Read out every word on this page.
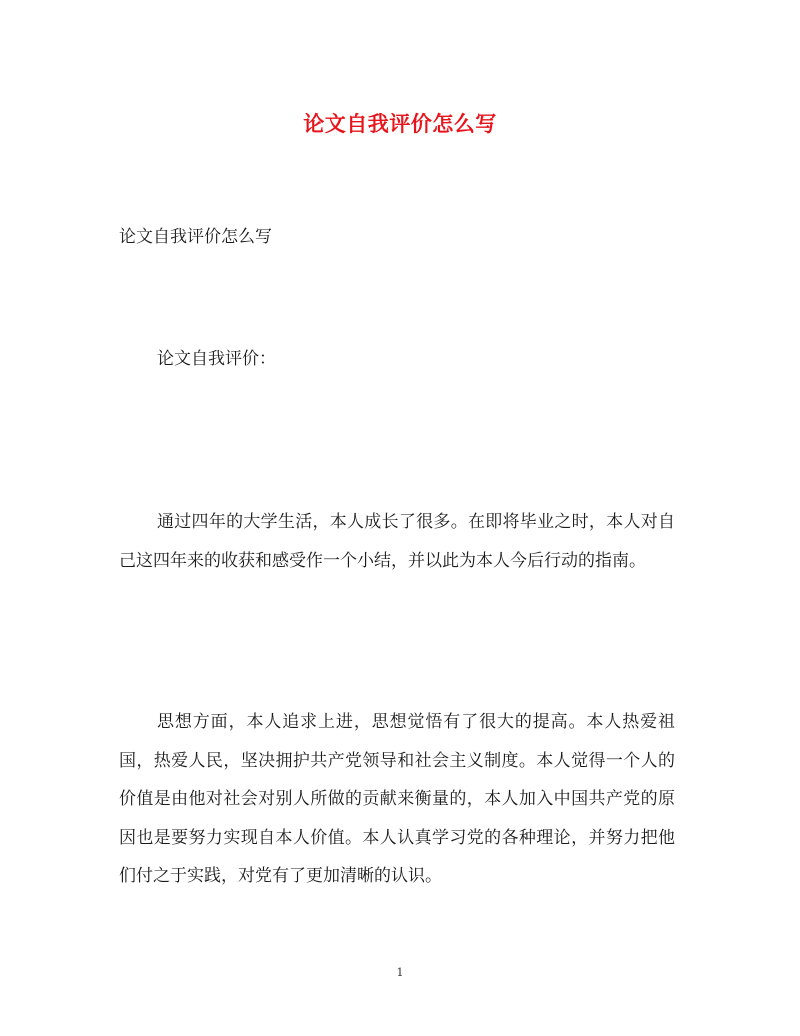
论文自我评价怎么写

论文自我评价怎么写

论文自我评价：

通过四年的大学生活，本人成长了很多。在即将毕业之时，本人对自己这四年来的收获和感受作一个小结，并以此为本人今后行动的指南。

思想方面，本人追求上进，思想觉悟有了很大的提高。本人热爱祖国，热爱人民，坚决拥护共产党领导和社会主义制度。本人觉得一个人的价值是由他对社会对别人所做的贡献来衡量的，本人加入中国共产党的原因也是要努力实现自本人价值。本人认真学习党的各种理论，并努力把他们付之于实践，对党有了更加清晰的认识。

1
